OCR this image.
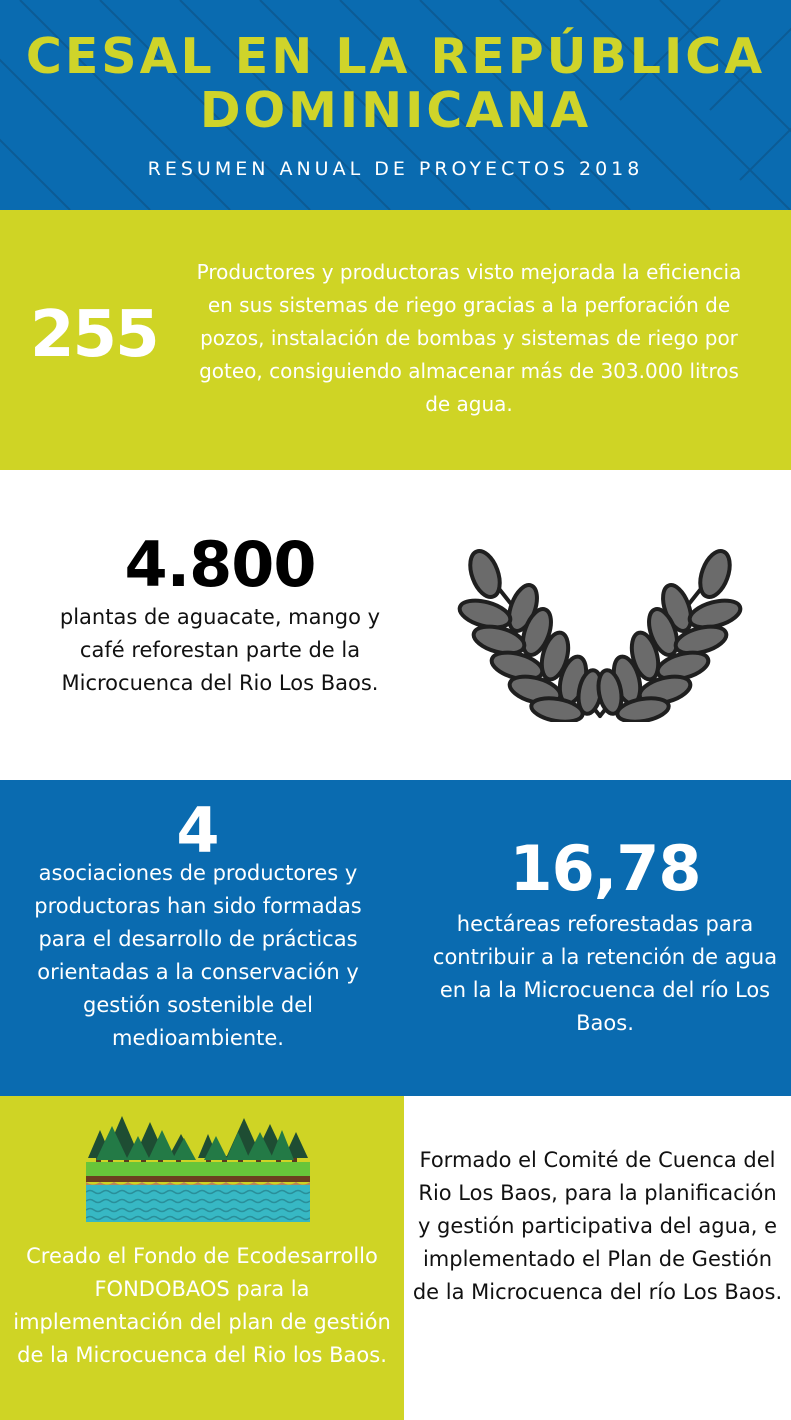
CESAL EN LA REPÚBLICA
DOMINICANA
RESUMEN ANUAL DE PROYECTOS 2018
255
Productores y productoras visto mejorada la eficiencia en sus sistemas de riego gracias a la perforación de pozos, instalación de bombas y sistemas de riego por goteo, consiguiendo almacenar más de 303.000 litros de agua.
4.800
plantas de aguacate, mango y café reforestan parte de la Microcuenca del Rio Los Baos.
4
asociaciones de productores y productoras han sido formadas para el desarrollo de prácticas orientadas a la conservación y gestión sostenible del medioambiente.
16,78
hectáreas reforestadas para contribuir a la retención de agua en la la Microcuenca del río Los Baos.
Creado el Fondo de Ecodesarrollo FONDOBAOS para la implementación del plan de gestión de la Microcuenca del Rio los Baos.
Formado el Comité de Cuenca del Rio Los Baos, para la planificación y gestión participativa del agua, e implementado el Plan de Gestión de la Microcuenca del río Los Baos.
